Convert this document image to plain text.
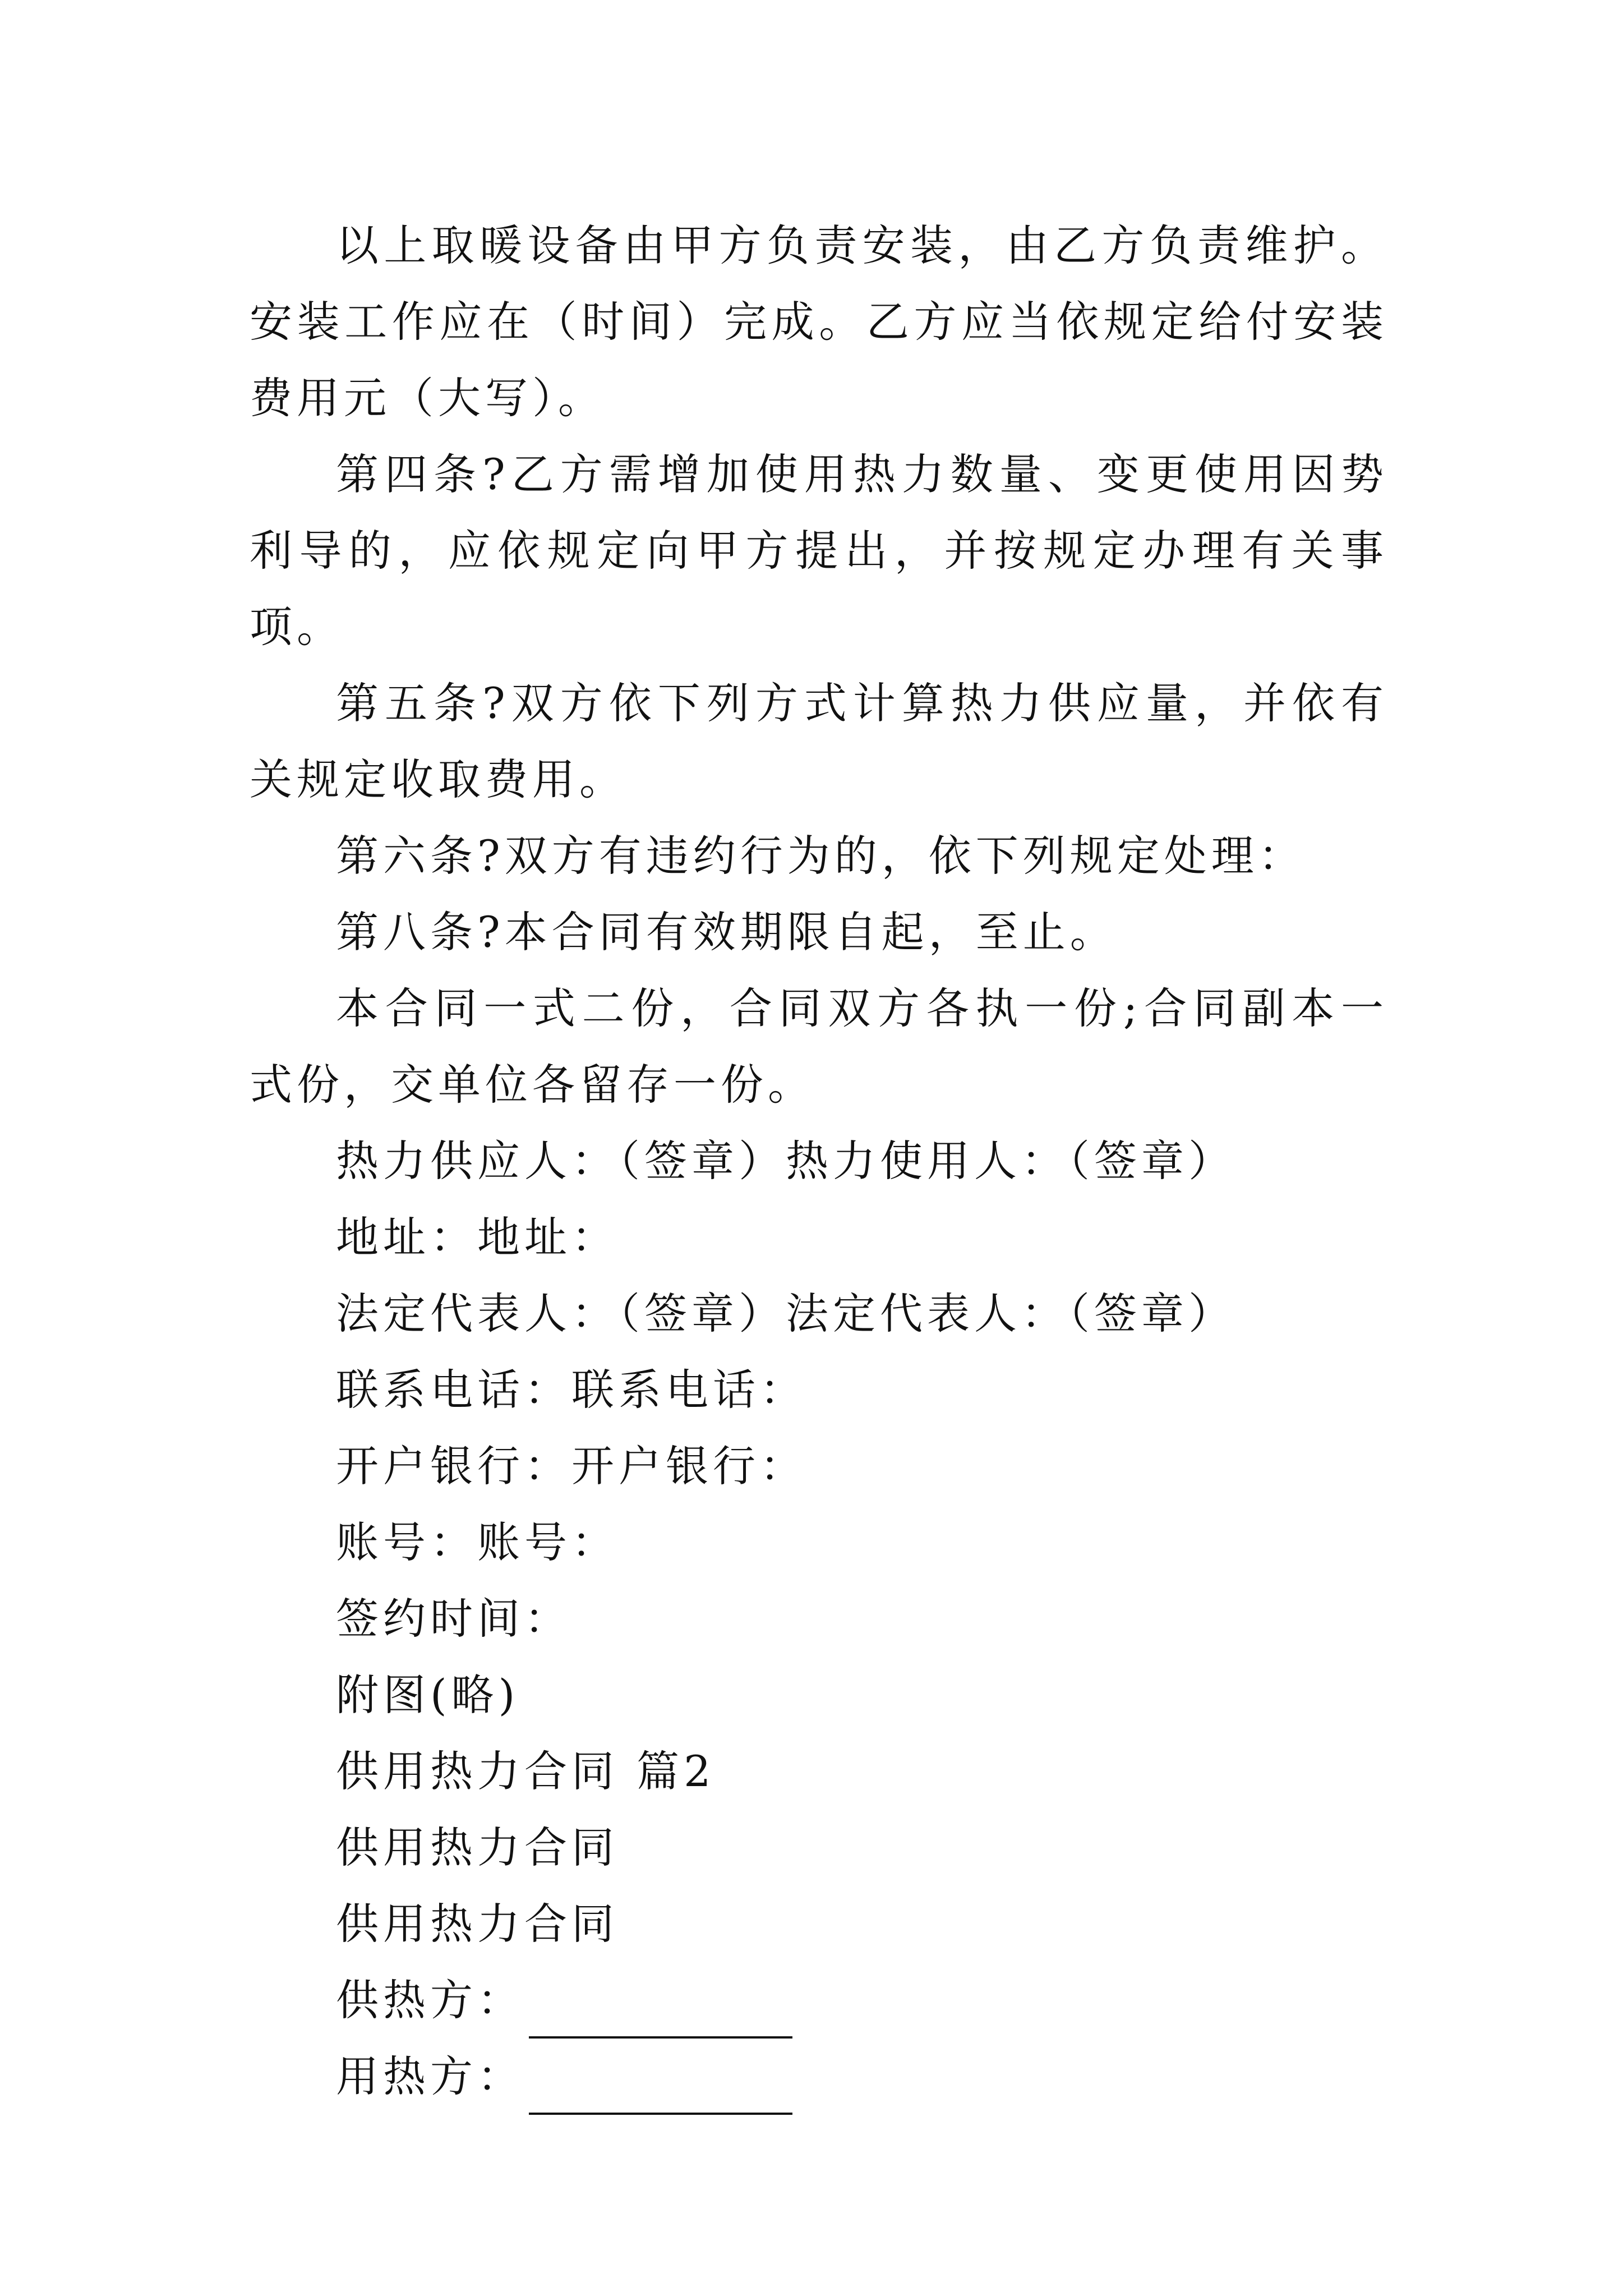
以上取暖设备由甲方负责安装，由乙方负责维护。安装工作应在（时间）完成。乙方应当依规定给付安装费用元（大写）。

第四条?乙方需增加使用热力数量、变更使用因势利导的，应依规定向甲方提出，并按规定办理有关事项。

第五条?双方依下列方式计算热力供应量，并依有关规定收取费用。

第六条?双方有违约行为的，依下列规定处理：

第八条?本合同有效期限自起，至止。

本合同一式二份，合同双方各执一份;合同副本一式份，交单位各留存一份。

热力供应人：（签章）热力使用人：（签章）

地址：地址：

法定代表人：（签章）法定代表人：（签章）

联系电话：联系电话：

开户银行：开户银行：

账号：账号：

签约时间：

附图(略)

供用热力合同 篇2

供用热力合同

供用热力合同

供热方：

用热方：
